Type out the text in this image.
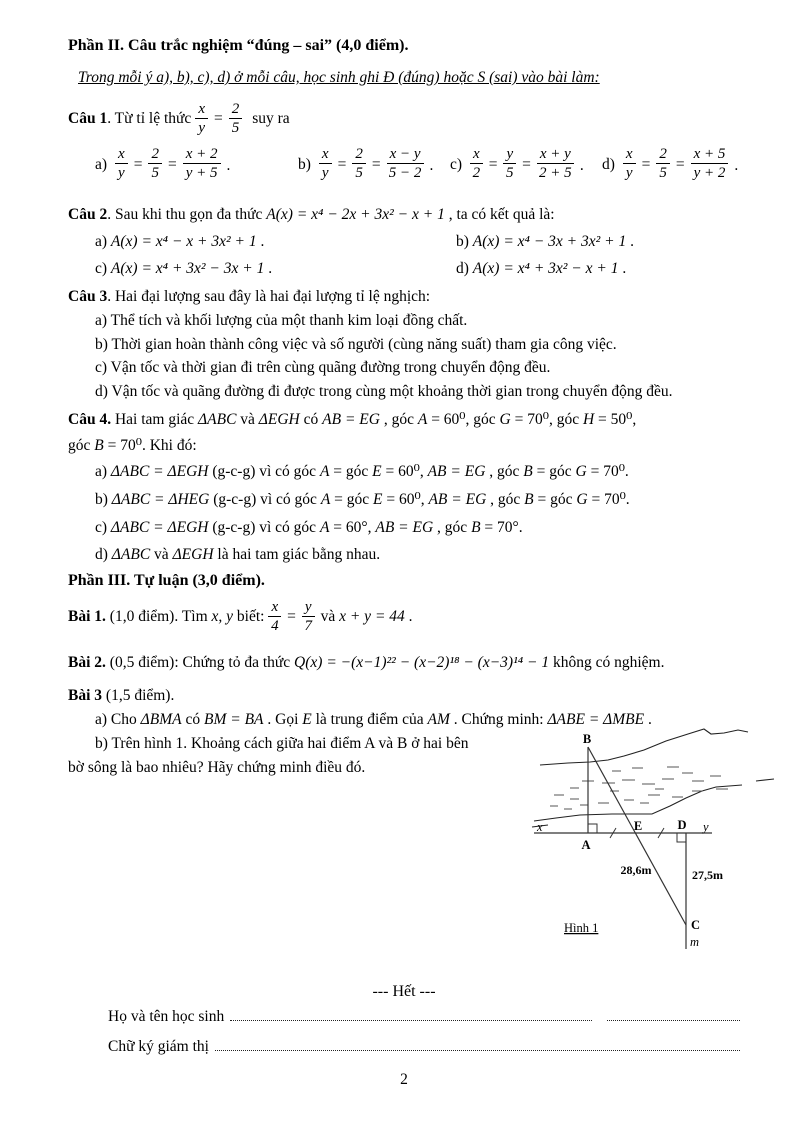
Phần II. Câu trắc nghiệm “đúng – sai” (4,0 điểm).
Trong mỗi ý a), b), c), d) ở mỗi câu, học sinh ghi Đ (đúng) hoặc S (sai) vào bài làm:
Câu 1. Từ tỉ lệ thức $\frac{x}{y} = \frac{2}{5}$ suy ra
$a) \frac{x}{y} = \frac{2}{5} = \frac{x + 2}{y + 5}$ .	$b) \frac{x}{y} = \frac{2}{5} = \frac{x - y}{5 - 2}$ . $c) \frac{x}{2} = \frac{y}{5} = \frac{x + y}{2 + 5}$ . $d) \frac{x}{y} = \frac{2}{5} = \frac{x + 5}{y + 2}$ .
Câu 2. Sau khi thu gọn đa thức A(x) = x⁴ − 2x + 3x² − x + 1 , ta có kết quả là:
a) A(x) = x⁴ − x + 3x² + 1 .	b) A(x) = x⁴ − 3x + 3x² + 1 .
c) A(x) = x⁴ + 3x² − 3x + 1 .	d) A(x) = x⁴ + 3x² − x + 1 .
Câu 3. Hai đại lượng sau đây là hai đại lượng tỉ lệ nghịch:
a) Thể tích và khối lượng của một thanh kim loại đồng chất.
b) Thời gian hoàn thành công việc và số người (cùng năng suất) tham gia công việc.
c) Vận tốc và thời gian đi trên cùng quãng đường trong chuyển động đều.
d) Vận tốc và quãng đường đi được trong cùng một khoảng thời gian trong chuyển động đều.
Câu 4. Hai tam giác ΔABC và ΔEGH có AB = EG , góc A = 60⁰, góc G = 70⁰, góc H = 50⁰,
góc B = 70⁰. Khi đó:
a) ΔABC = ΔEGH (g-c-g) vì có góc A = góc E = 60⁰, AB = EG , góc B = góc G = 70⁰.
b) ΔABC = ΔHEG (g-c-g) vì có góc A = góc E = 60⁰, AB = EG , góc B = góc G = 70⁰.
c) ΔABC = ΔEGH (g-c-g) vì có góc A = 60°, AB = EG , góc B = 70°.
d) ΔABC và ΔEGH là hai tam giác bằng nhau.
Phần III. Tự luận (3,0 điểm).
Bài 1. (1,0 điểm). Tìm x, y biết: $\frac{x}{4} = \frac{y}{7}$ và x + y = 44 .
Bài 2. (0,5 điểm): Chứng tỏ đa thức Q(x) = −(x−1)²² − (x−2)¹⁸ − (x−3)¹⁴ − 1 không có nghiệm.
Bài 3 (1,5 điểm).
a) Cho ΔBMA có BM = BA . Gọi E là trung điểm của AM . Chứng minh: ΔABE = ΔMBE .
b) Trên hình 1. Khoảng cách giữa hai điểm A và B ở hai bên
bờ sông là bao nhiêu? Hãy chứng minh điều đó.
B
A
E	D
C
x	y
m
28,6m	27,5m
Hình 1
--- Hết ---
Họ và tên học sinh
Chữ ký giám thị
2
